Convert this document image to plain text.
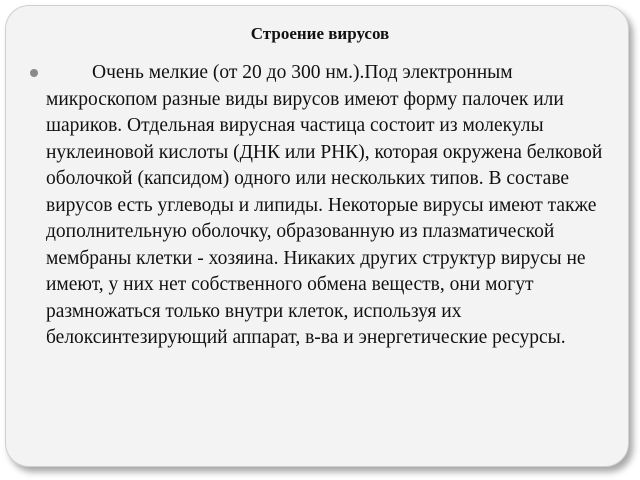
Строение вирусов

Очень мелкие (от 20 до 300 нм.).Под электронным микроскопом разные виды вирусов имеют форму палочек или шариков. Отдельная вирусная частица состоит из молекулы нуклеиновой кислоты (ДНК или РНК), которая окружена белковой оболочкой (капсидом) одного или нескольких типов. В составе вирусов есть углеводы и липиды. Некоторые вирусы имеют также дополнительную оболочку, образованную из плазматической мембраны клетки - хозяина. Никаких других структур вирусы не имеют, у них нет собственного обмена веществ, они могут размножаться только внутри клеток, используя их белоксинтезирующий аппарат, в-ва и энергетические ресурсы.
